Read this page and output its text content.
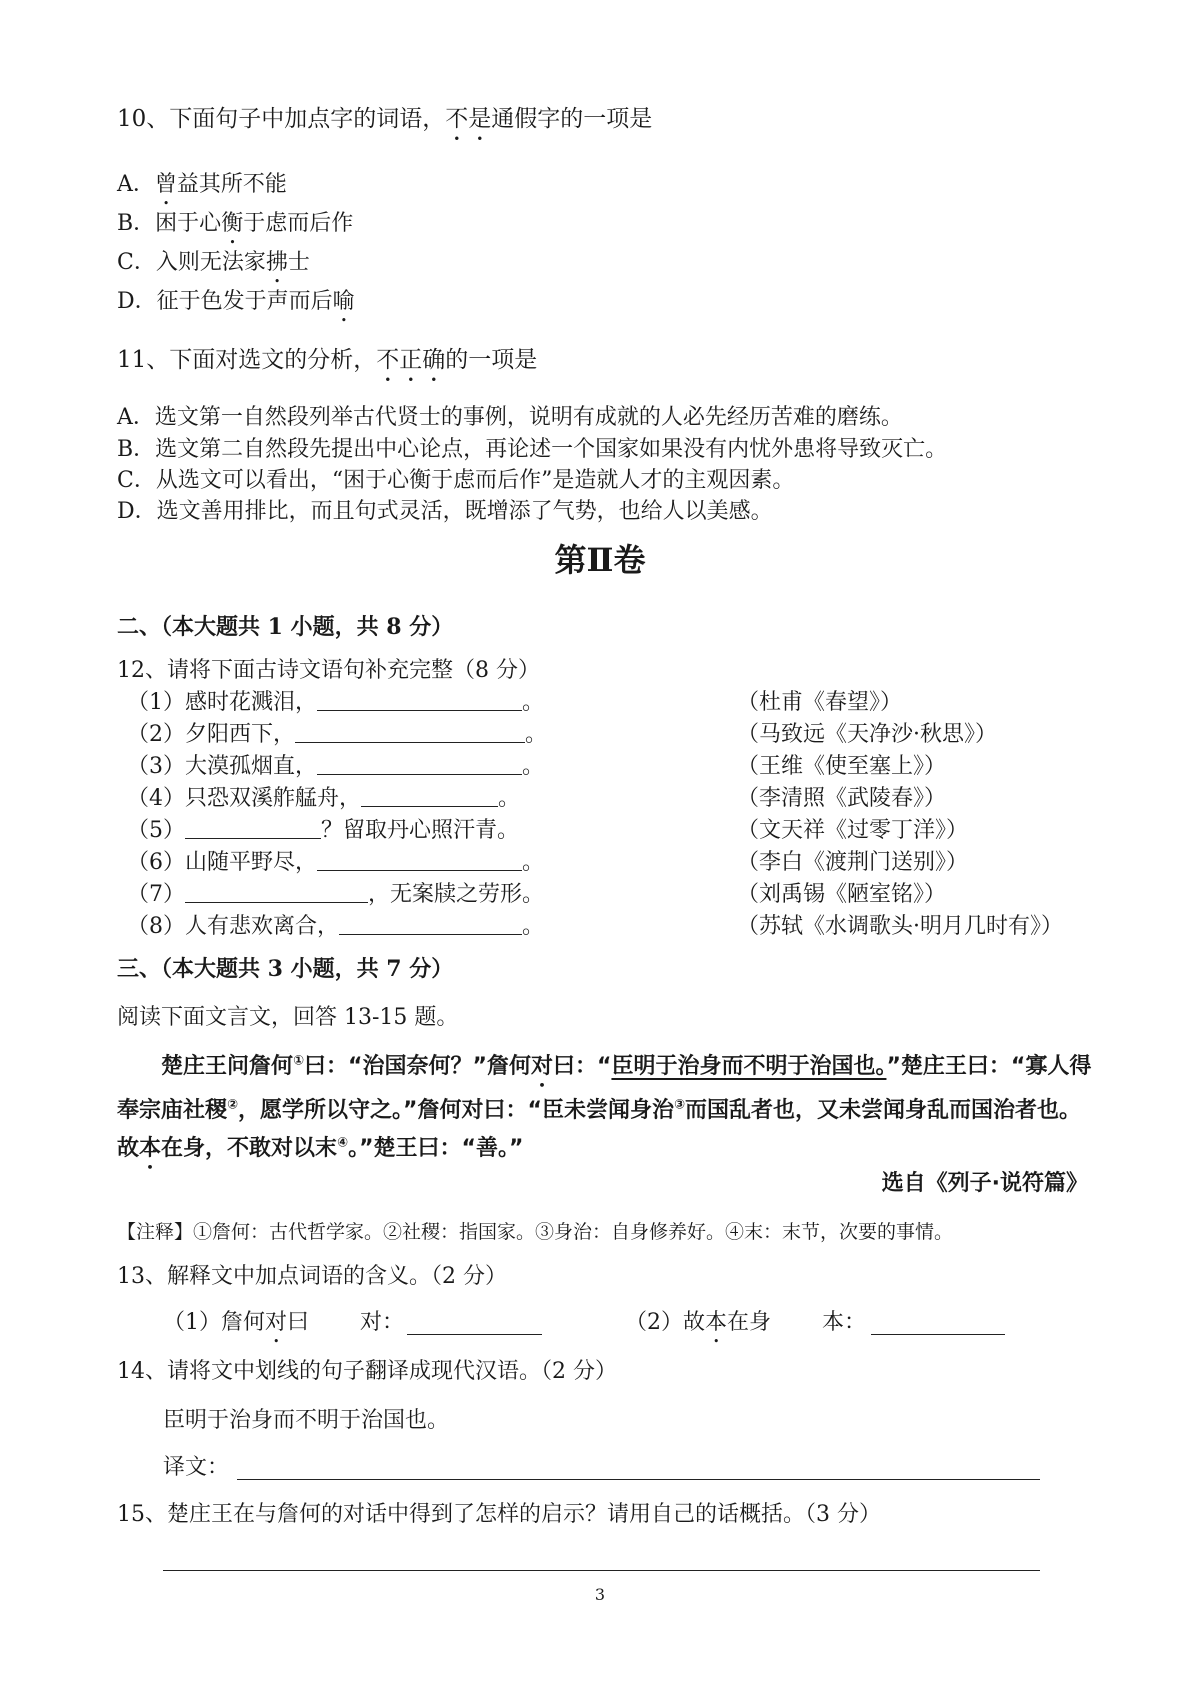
10、下面句子中加点字的词语，不是通假字的一项是
A．曾益其所不能
B．困于心衡于虑而后作
C．入则无法家拂士
D．征于色发于声而后喻
11、下面对选文的分析，不正确的一项是
A．选文第一自然段列举古代贤士的事例，说明有成就的人必先经历苦难的磨练。
B．选文第二自然段先提出中心论点，再论述一个国家如果没有内忧外患将导致灭亡。
C．从选文可以看出，“困于心衡于虑而后作”是造就人才的主观因素。
D．选文善用排比，而且句式灵活，既增添了气势，也给人以美感。
第Ⅱ卷
二、（本大题共 1 小题，共 8 分）
12、请将下面古诗文语句补充完整（8 分）
（1）感时花溅泪，	。	（杜甫《春望》）
（2）夕阳西下，	。	（马致远《天净沙·秋思》）
（3）大漠孤烟直，	。	（王维《使至塞上》）
（4）只恐双溪舴艋舟，	。	（李清照《武陵春》）
（5）	？留取丹心照汗青。	（文天祥《过零丁洋》）
（6）山随平野尽，	。	（李白《渡荆门送别》）
（7）	，无案牍之劳形。	（刘禹锡《陋室铭》）
（8）人有悲欢离合，	。	（苏轼《水调歌头·明月几时有》）
三、（本大题共 3 小题，共 7 分）
阅读下面文言文，回答 13-15 题。

楚庄王问詹何①曰：“治国奈何？”詹何对曰：“臣明于治身而不明于治国也。”楚庄王曰：“寡人得奉宗庙社稷②，愿学所以守之。”詹何对曰：“臣未尝闻身治③而国乱者也，又未尝闻身乱而国治者也。故本在身，不敢对以末④。”楚王曰：“善。”

选自《列子·说符篇》
【注释】①詹何：古代哲学家。②社稷：指国家。③身治：自身修养好。④末：末节，次要的事情。
13、解释文中加点词语的含义。（2 分）
（1）詹何对曰 对：	（2）故本在身 本：
14、请将文中划线的句子翻译成现代汉语。（2 分）
臣明于治身而不明于治国也。
译文：
15、楚庄王在与詹何的对话中得到了怎样的启示？请用自己的话概括。（3 分）
3
